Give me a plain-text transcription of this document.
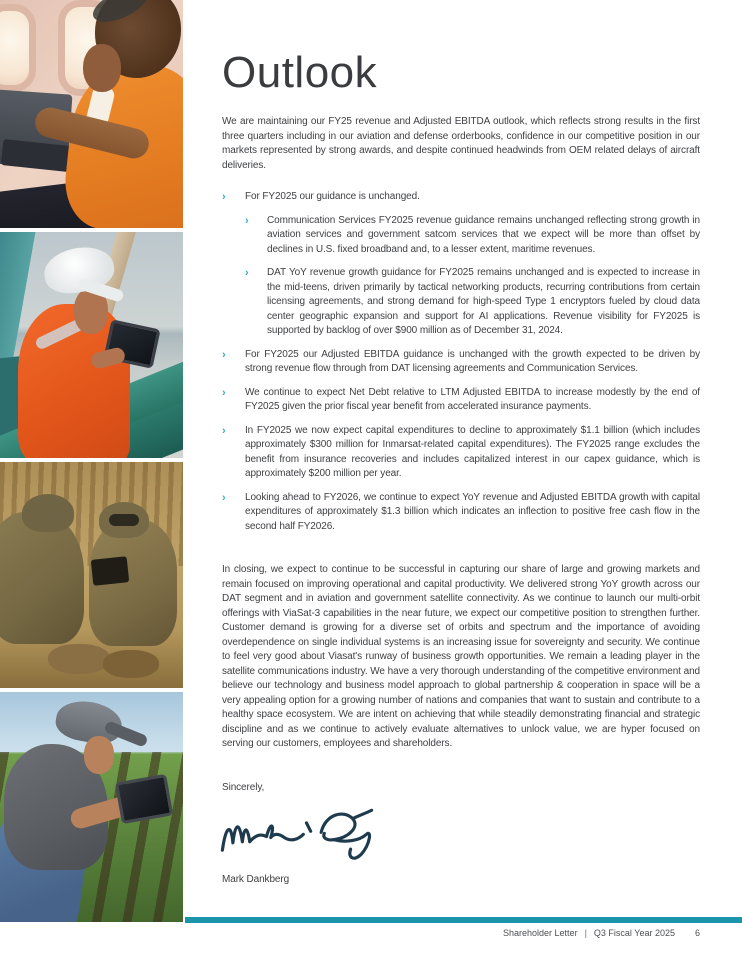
Outlook

We are maintaining our FY25 revenue and Adjusted EBITDA outlook, which reflects strong results in the first three quarters including in our aviation and defense orderbooks, confidence in our competitive position in our markets represented by strong awards, and despite continued headwinds from OEM related delays of aircraft deliveries.

›	For FY2025 our guidance is unchanged.
›	Communication Services FY2025 revenue guidance remains unchanged reflecting strong growth in aviation services and government satcom services that we expect will be more than offset by declines in U.S. fixed broadband and, to a lesser extent, maritime revenues.
›	DAT YoY revenue growth guidance for FY2025 remains unchanged and is expected to increase in the mid-teens, driven primarily by tactical networking products, recurring contributions from certain licensing agreements, and strong demand for high-speed Type 1 encryptors fueled by cloud data center geographic expansion and support for AI applications. Revenue visibility for FY2025 is supported by backlog of over $900 million as of December 31, 2024.
›	For FY2025 our Adjusted EBITDA guidance is unchanged with the growth expected to be driven by strong revenue flow through from DAT licensing agreements and Communication Services.
›	We continue to expect Net Debt relative to LTM Adjusted EBITDA to increase modestly by the end of FY2025 given the prior fiscal year benefit from accelerated insurance payments.
›	In FY2025 we now expect capital expenditures to decline to approximately $1.1 billion (which includes approximately $300 million for Inmarsat-related capital expenditures). The FY2025 range excludes the benefit from insurance recoveries and includes capitalized interest in our capex guidance, which is approximately $200 million per year.
›	Looking ahead to FY2026, we continue to expect YoY revenue and Adjusted EBITDA growth with capital expenditures of approximately $1.3 billion which indicates an inflection to positive free cash flow in the second half FY2026.

In closing, we expect to continue to be successful in capturing our share of large and growing markets and remain focused on improving operational and capital productivity. We delivered strong YoY growth across our DAT segment and in aviation and government satellite connectivity. As we continue to launch our multi-orbit offerings with ViaSat-3 capabilities in the near future, we expect our competitive position to strengthen further. Customer demand is growing for a diverse set of orbits and spectrum and the importance of avoiding overdependence on single individual systems is an increasing issue for sovereignty and security. We continue to feel very good about Viasat's runway of business growth opportunities. We remain a leading player in the satellite communications industry. We have a very thorough understanding of the competitive environment and believe our technology and business model approach to global partnership & cooperation in space will be a very appealing option for a growing number of nations and companies that want to sustain and contribute to a healthy space ecosystem. We are intent on achieving that while steadily demonstrating financial and strategic discipline and as we continue to actively evaluate alternatives to unlock value, we are hyper focused on serving our customers, employees and shareholders.

Sincerely,

Mark Dankberg

Shareholder Letter | Q3 Fiscal Year 2025 6
